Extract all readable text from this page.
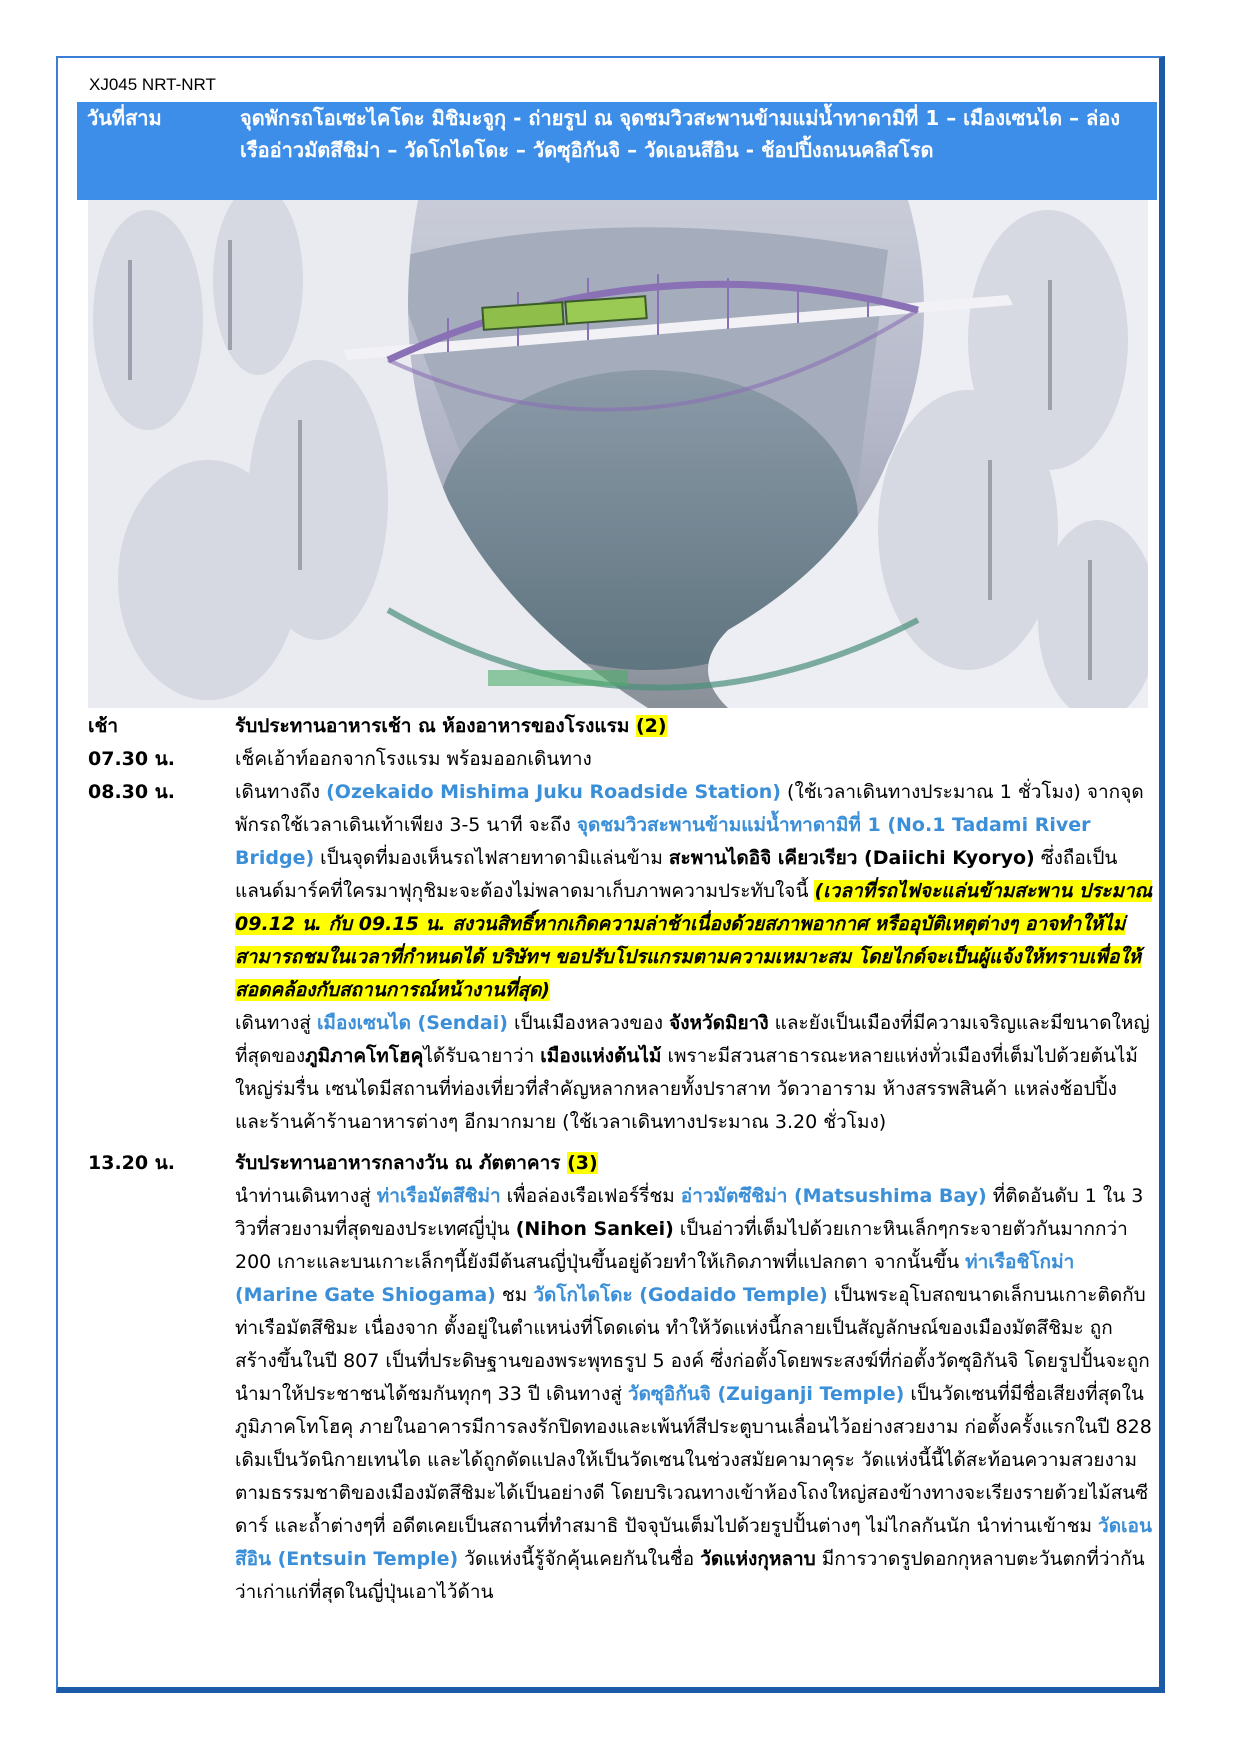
XJ045 NRT-NRT
วันที่สาม	จุดพักรถโอเซะไคโดะ มิชิมะจูกุ - ถ่ายรูป ณ จุดชมวิวสะพานข้ามแม่น้ำทาดามิที่ 1 – เมืองเซนได – ล่องเรืออ่าวมัตสึชิม่า – วัดโกไดโดะ – วัดซุอิกันจิ – วัดเอนสึอิน - ช้อปปิ้งถนนคลิสโรด
เช้า	รับประทานอาหารเช้า ณ ห้องอาหารของโรงแรม (2)
07.30 น.	เช็คเอ้าท์ออกจากโรงแรม พร้อมออกเดินทาง
08.30 น.	เดินทางถึง (Ozekaido Mishima Juku Roadside Station) (ใช้เวลาเดินทางประมาณ 1 ชั่วโมง) จากจุดพักรถใช้เวลาเดินเท้าเพียง 3-5 นาที จะถึง จุดชมวิวสะพานข้ามแม่น้ำทาดามิที่ 1 (No.1 Tadami River Bridge) เป็นจุดที่มองเห็นรถไฟสายทาดามิแล่นข้าม สะพานไดอิจิ เคียวเรียว (Daiichi Kyoryo) ซึ่งถือเป็นแลนด์มาร์คที่ใครมาฟุกุชิมะจะต้องไม่พลาดมาเก็บภาพความประทับใจนี้ (เวลาที่รถไฟจะแล่นข้ามสะพาน ประมาณ 09.12 น. กับ 09.15 น. สงวนสิทธิ์หากเกิดความล่าช้าเนื่องด้วยสภาพอากาศ หรืออุบัติเหตุต่างๆ อาจทำให้ไม่สามารถชมในเวลาที่กำหนดได้ บริษัทฯ ขอปรับโปรแกรมตามความเหมาะสม โดยไกด์จะเป็นผู้แจ้งให้ทราบเพื่อให้สอดคล้องกับสถานการณ์หน้างานที่สุด)
เดินทางสู่ เมืองเซนได (Sendai) เป็นเมืองหลวงของ จังหวัดมิยางิ และยังเป็นเมืองที่มีความเจริญและมีขนาดใหญ่ที่สุดของภูมิภาคโทโฮคุได้รับฉายาว่า เมืองแห่งต้นไม้ เพราะมีสวนสาธารณะหลายแห่งทั่วเมืองที่เต็มไปด้วยต้นไม้ใหญ่ร่มรื่น เซนไดมีสถานที่ท่องเที่ยวที่สำคัญหลากหลายทั้งปราสาท วัดวาอาราม ห้างสรรพสินค้า แหล่งช้อปปิ้ง และร้านค้าร้านอาหารต่างๆ อีกมากมาย (ใช้เวลาเดินทางประมาณ 3.20 ชั่วโมง)
13.20 น.	รับประทานอาหารกลางวัน ณ ภัตตาคาร (3)
นำท่านเดินทางสู่ ท่าเรือมัตสึชิม่า เพื่อล่องเรือเฟอร์รี่ชม อ่าวมัตซึชิม่า (Matsushima Bay) ที่ติดอันดับ 1 ใน 3 วิวที่สวยงามที่สุดของประเทศญี่ปุ่น (Nihon Sankei) เป็นอ่าวที่เต็มไปด้วยเกาะหินเล็กๆกระจายตัวกันมากกว่า 200 เกาะและบนเกาะเล็กๆนี้ยังมีต้นสนญี่ปุ่นขึ้นอยู่ด้วยทำให้เกิดภาพที่แปลกตา จากนั้นขึ้น ท่าเรือชิโกม่า (Marine Gate Shiogama) ชม วัดโกไดโดะ (Godaido Temple) เป็นพระอุโบสถขนาดเล็กบนเกาะติดกับท่าเรือมัตสึชิมะ เนื่องจาก ตั้งอยู่ในตำแหน่งที่โดดเด่น ทำให้วัดแห่งนี้กลายเป็นสัญลักษณ์ของเมืองมัตสึชิมะ ถูกสร้างขึ้นในปี 807 เป็นที่ประดิษฐานของพระพุทธรูป 5 องค์ ซึ่งก่อตั้งโดยพระสงฆ์ที่ก่อตั้งวัดซุอิกันจิ โดยรูปปั้นจะถูกนำมาให้ประชาชนได้ชมกันทุกๆ 33 ปี เดินทางสู่ วัดซุอิกันจิ (Zuiganji Temple) เป็นวัดเซนที่มีชื่อเสียงที่สุดในภูมิภาคโทโฮคุ ภายในอาคารมีการลงรักปิดทองและเพ้นท์สีประตูบานเลื่อนไว้อย่างสวยงาม ก่อตั้งครั้งแรกในปี 828 เดิมเป็นวัดนิกายเทนได และได้ถูกดัดแปลงให้เป็นวัดเซนในช่วงสมัยคามาคุระ วัดแห่งนี้นี้ได้สะท้อนความสวยงามตามธรรมชาติของเมืองมัตสึชิมะได้เป็นอย่างดี โดยบริเวณทางเข้าห้องโถงใหญ่สองข้างทางจะเรียงรายด้วยไม้สนซีดาร์ และถ้ำต่างๆที่ อดีตเคยเป็นสถานที่ทำสมาธิ ปัจจุบันเต็มไปด้วยรูปปั้นต่างๆ ไม่ไกลกันนัก นำท่านเข้าชม วัดเอนสึอิน (Entsuin Temple) วัดแห่งนี้รู้จักคุ้นเคยกันในชื่อ วัดแห่งกุหลาบ มีการวาดรูปดอกกุหลาบตะวันตกที่ว่ากันว่าเก่าแก่ที่สุดในญี่ปุ่นเอาไว้ด้าน
